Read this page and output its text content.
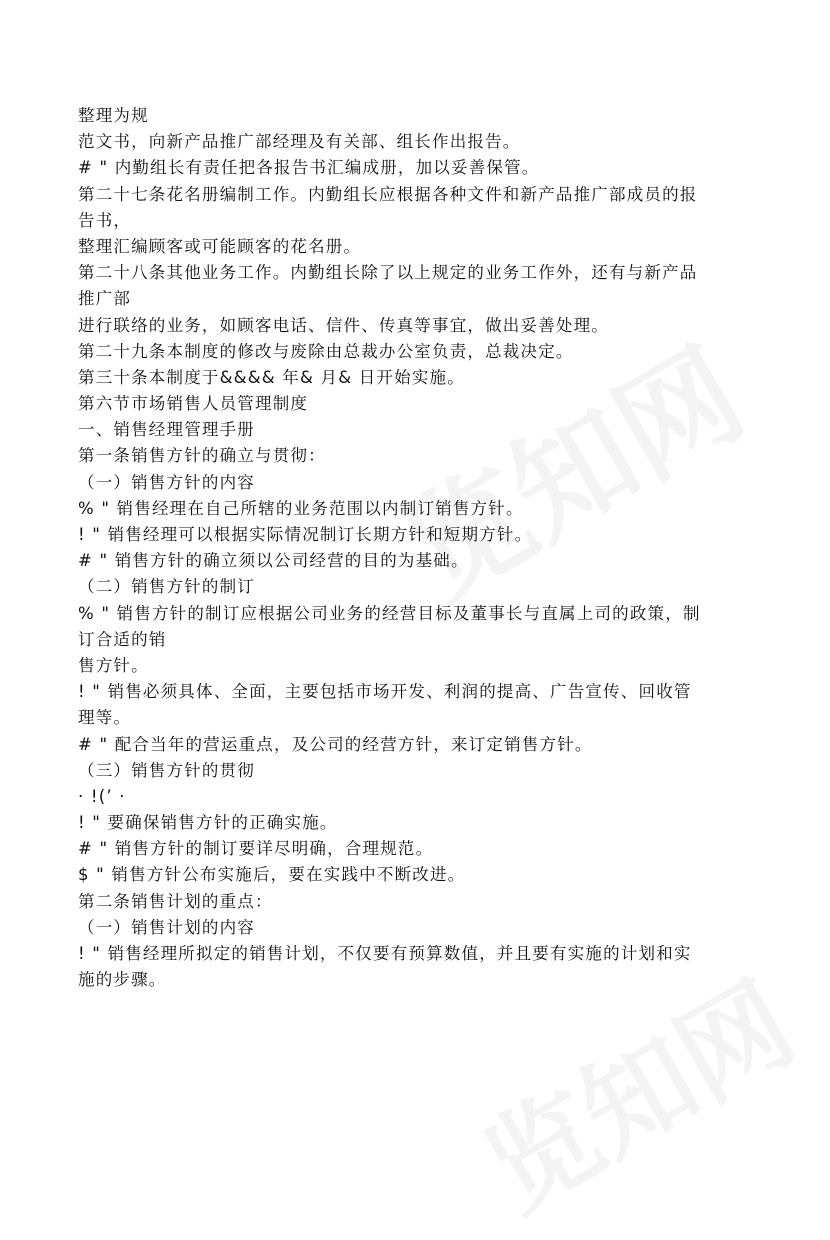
整理为规
范文书，向新产品推广部经理及有关部、组长作出报告。
# " 内勤组长有责任把各报告书汇编成册，加以妥善保管。
第二十七条花名册编制工作。内勤组长应根据各种文件和新产品推广部成员的报
告书，
整理汇编顾客或可能顾客的花名册。
第二十八条其他业务工作。内勤组长除了以上规定的业务工作外，还有与新产品
推广部
进行联络的业务，如顾客电话、信件、传真等事宜，做出妥善处理。
第二十九条本制度的修改与废除由总裁办公室负责，总裁决定。
第三十条本制度于&&&& 年& 月& 日开始实施。
第六节市场销售人员管理制度
一、销售经理管理手册
第一条销售方针的确立与贯彻：
（一）销售方针的内容
% " 销售经理在自己所辖的业务范围以内制订销售方针。
! " 销售经理可以根据实际情况制订长期方针和短期方针。
# " 销售方针的确立须以公司经营的目的为基础。
（二）销售方针的制订
% " 销售方针的制订应根据公司业务的经营目标及董事长与直属上司的政策，制
订合适的销
售方针。
! " 销售必须具体、全面，主要包括市场开发、利润的提高、广告宣传、回收管
理等。
# " 配合当年的营运重点，及公司的经营方针，来订定销售方针。
（三）销售方针的贯彻
· !(’ ·
! " 要确保销售方针的正确实施。
# " 销售方针的制订要详尽明确，合理规范。
$ " 销售方针公布实施后，要在实践中不断改进。
第二条销售计划的重点：
（一）销售计划的内容
! " 销售经理所拟定的销售计划，不仅要有预算数值，并且要有实施的计划和实
施的步骤。
